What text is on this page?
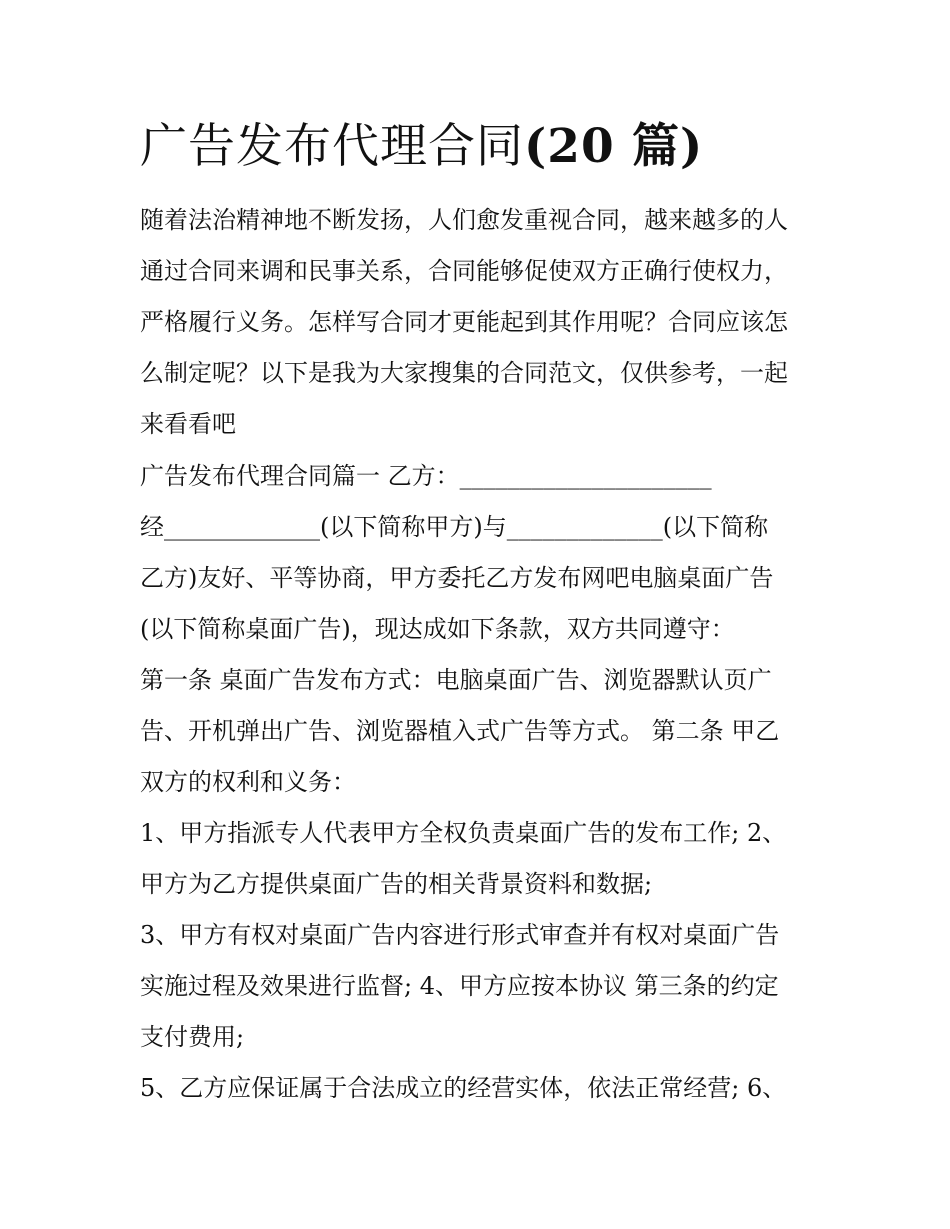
广告发布代理合同(20 篇)

随着法治精神地不断发扬，人们愈发重视合同，越来越多的人

通过合同来调和民事关系，合同能够促使双方正确行使权力，

严格履行义务。怎样写合同才更能起到其作用呢？合同应该怎

么制定呢？以下是我为大家搜集的合同范文，仅供参考，一起

来看看吧

广告发布代理合同篇一 乙方：_____________________

经_____________(以下简称甲方)与_____________(以下简称

乙方)友好、平等协商，甲方委托乙方发布网吧电脑桌面广告

(以下简称桌面广告)，现达成如下条款，双方共同遵守：

第一条 桌面广告发布方式：电脑桌面广告、浏览器默认页广

告、开机弹出广告、浏览器植入式广告等方式。 第二条 甲乙

双方的权利和义务：

1、甲方指派专人代表甲方全权负责桌面广告的发布工作; 2、

甲方为乙方提供桌面广告的相关背景资料和数据;

3、甲方有权对桌面广告内容进行形式审查并有权对桌面广告

实施过程及效果进行监督; 4、甲方应按本协议 第三条的约定

支付费用;

5、乙方应保证属于合法成立的经营实体，依法正常经营; 6、
